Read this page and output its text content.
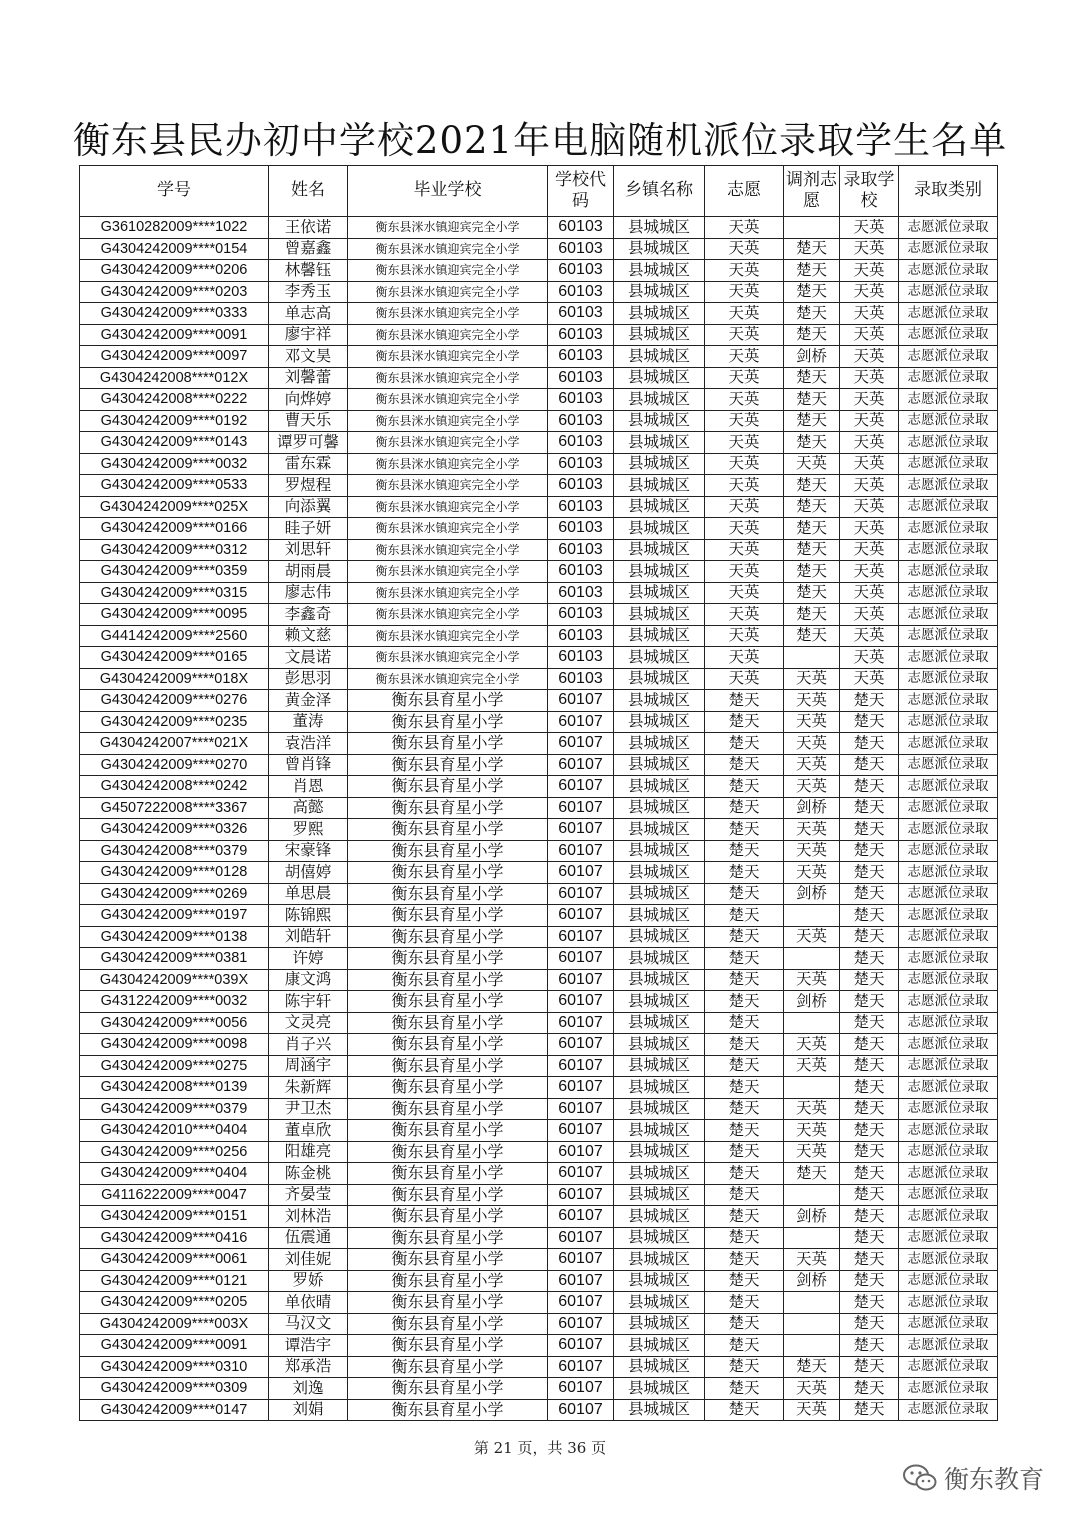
衡东县民办初中学校2021年电脑随机派位录取学生名单
学号	姓名	毕业学校	学校代码	乡镇名称	志愿	调剂志愿	录取学校	录取类别
G3610282009****1022	王依诺	衡东县洣水镇迎宾完全小学	60103	县城城区	天英		天英	志愿派位录取
G4304242009****0154	曾嘉鑫	衡东县洣水镇迎宾完全小学	60103	县城城区	天英	楚天	天英	志愿派位录取
G4304242009****0206	林馨钰	衡东县洣水镇迎宾完全小学	60103	县城城区	天英	楚天	天英	志愿派位录取
G4304242009****0203	李秀玉	衡东县洣水镇迎宾完全小学	60103	县城城区	天英	楚天	天英	志愿派位录取
G4304242009****0333	单志高	衡东县洣水镇迎宾完全小学	60103	县城城区	天英	楚天	天英	志愿派位录取
G4304242009****0091	廖宇祥	衡东县洣水镇迎宾完全小学	60103	县城城区	天英	楚天	天英	志愿派位录取
G4304242009****0097	邓文昊	衡东县洣水镇迎宾完全小学	60103	县城城区	天英	剑桥	天英	志愿派位录取
G4304242008****012X	刘馨蕾	衡东县洣水镇迎宾完全小学	60103	县城城区	天英	楚天	天英	志愿派位录取
G4304242008****0222	向烨婷	衡东县洣水镇迎宾完全小学	60103	县城城区	天英	楚天	天英	志愿派位录取
G4304242009****0192	曹天乐	衡东县洣水镇迎宾完全小学	60103	县城城区	天英	楚天	天英	志愿派位录取
G4304242009****0143	谭罗可馨	衡东县洣水镇迎宾完全小学	60103	县城城区	天英	楚天	天英	志愿派位录取
G4304242009****0032	雷东霖	衡东县洣水镇迎宾完全小学	60103	县城城区	天英	天英	天英	志愿派位录取
G4304242009****0533	罗煜程	衡东县洣水镇迎宾完全小学	60103	县城城区	天英	楚天	天英	志愿派位录取
G4304242009****025X	向添翼	衡东县洣水镇迎宾完全小学	60103	县城城区	天英	楚天	天英	志愿派位录取
G4304242009****0166	眭子妍	衡东县洣水镇迎宾完全小学	60103	县城城区	天英	楚天	天英	志愿派位录取
G4304242009****0312	刘思轩	衡东县洣水镇迎宾完全小学	60103	县城城区	天英	楚天	天英	志愿派位录取
G4304242009****0359	胡雨晨	衡东县洣水镇迎宾完全小学	60103	县城城区	天英	楚天	天英	志愿派位录取
G4304242009****0315	廖志伟	衡东县洣水镇迎宾完全小学	60103	县城城区	天英	楚天	天英	志愿派位录取
G4304242009****0095	李鑫奇	衡东县洣水镇迎宾完全小学	60103	县城城区	天英	楚天	天英	志愿派位录取
G4414242009****2560	赖文慈	衡东县洣水镇迎宾完全小学	60103	县城城区	天英	楚天	天英	志愿派位录取
G4304242009****0165	文晨诺	衡东县洣水镇迎宾完全小学	60103	县城城区	天英		天英	志愿派位录取
G4304242009****018X	彭思羽	衡东县洣水镇迎宾完全小学	60103	县城城区	天英	天英	天英	志愿派位录取
G4304242009****0276	黄金泽	衡东县育星小学	60107	县城城区	楚天	天英	楚天	志愿派位录取
G4304242009****0235	董涛	衡东县育星小学	60107	县城城区	楚天	天英	楚天	志愿派位录取
G4304242007****021X	袁浩洋	衡东县育星小学	60107	县城城区	楚天	天英	楚天	志愿派位录取
G4304242009****0270	曾肖锋	衡东县育星小学	60107	县城城区	楚天	天英	楚天	志愿派位录取
G4304242008****0242	肖恩	衡东县育星小学	60107	县城城区	楚天	天英	楚天	志愿派位录取
G4507222008****3367	高懿	衡东县育星小学	60107	县城城区	楚天	剑桥	楚天	志愿派位录取
G4304242009****0326	罗熙	衡东县育星小学	60107	县城城区	楚天	天英	楚天	志愿派位录取
G4304242008****0379	宋豪锋	衡东县育星小学	60107	县城城区	楚天	天英	楚天	志愿派位录取
G4304242009****0128	胡僖婷	衡东县育星小学	60107	县城城区	楚天	天英	楚天	志愿派位录取
G4304242009****0269	单思晨	衡东县育星小学	60107	县城城区	楚天	剑桥	楚天	志愿派位录取
G4304242009****0197	陈锦熙	衡东县育星小学	60107	县城城区	楚天		楚天	志愿派位录取
G4304242009****0138	刘皓轩	衡东县育星小学	60107	县城城区	楚天	天英	楚天	志愿派位录取
G4304242009****0381	许婷	衡东县育星小学	60107	县城城区	楚天		楚天	志愿派位录取
G4304242009****039X	康文鸿	衡东县育星小学	60107	县城城区	楚天	天英	楚天	志愿派位录取
G4312242009****0032	陈宇轩	衡东县育星小学	60107	县城城区	楚天	剑桥	楚天	志愿派位录取
G4304242009****0056	文灵亮	衡东县育星小学	60107	县城城区	楚天		楚天	志愿派位录取
G4304242009****0098	肖子兴	衡东县育星小学	60107	县城城区	楚天	天英	楚天	志愿派位录取
G4304242009****0275	周涵宇	衡东县育星小学	60107	县城城区	楚天	天英	楚天	志愿派位录取
G4304242008****0139	朱新辉	衡东县育星小学	60107	县城城区	楚天		楚天	志愿派位录取
G4304242009****0379	尹卫杰	衡东县育星小学	60107	县城城区	楚天	天英	楚天	志愿派位录取
G4304242010****0404	董卓欣	衡东县育星小学	60107	县城城区	楚天	天英	楚天	志愿派位录取
G4304242009****0256	阳雄亮	衡东县育星小学	60107	县城城区	楚天	天英	楚天	志愿派位录取
G4304242009****0404	陈金桃	衡东县育星小学	60107	县城城区	楚天	楚天	楚天	志愿派位录取
G4116222009****0047	齐晏莹	衡东县育星小学	60107	县城城区	楚天		楚天	志愿派位录取
G4304242009****0151	刘林浩	衡东县育星小学	60107	县城城区	楚天	剑桥	楚天	志愿派位录取
G4304242009****0416	伍震通	衡东县育星小学	60107	县城城区	楚天		楚天	志愿派位录取
G4304242009****0061	刘佳妮	衡东县育星小学	60107	县城城区	楚天	天英	楚天	志愿派位录取
G4304242009****0121	罗娇	衡东县育星小学	60107	县城城区	楚天	剑桥	楚天	志愿派位录取
G4304242009****0205	单依晴	衡东县育星小学	60107	县城城区	楚天		楚天	志愿派位录取
G4304242009****003X	马汉文	衡东县育星小学	60107	县城城区	楚天		楚天	志愿派位录取
G4304242009****0091	谭浩宇	衡东县育星小学	60107	县城城区	楚天		楚天	志愿派位录取
G4304242009****0310	郑承浩	衡东县育星小学	60107	县城城区	楚天	楚天	楚天	志愿派位录取
G4304242009****0309	刘逸	衡东县育星小学	60107	县城城区	楚天	天英	楚天	志愿派位录取
G4304242009****0147	刘娟	衡东县育星小学	60107	县城城区	楚天	天英	楚天	志愿派位录取
第 21 页，共 36 页
衡东教育
